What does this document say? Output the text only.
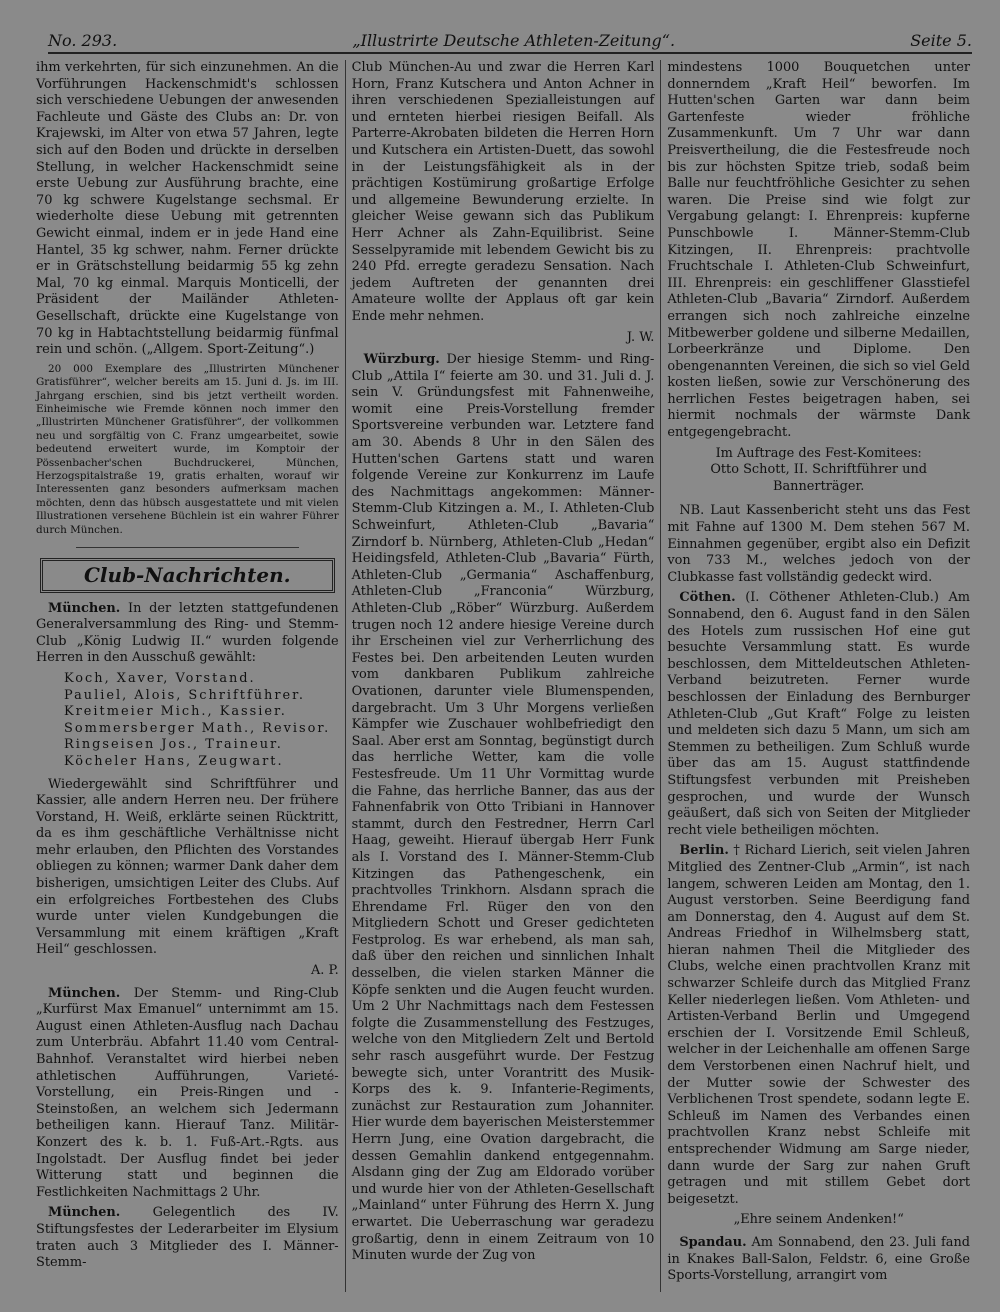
No. 293.	„Illustrirte Deutsche Athleten-Zeitung“.	Seite 5.

ihm verkehrten, für sich einzunehmen. An die Vorführungen Hackenschmidt's schlossen sich verschiedene Uebungen der anwesenden Fachleute und Gäste des Clubs an: Dr. von Krajewski, im Alter von etwa 57 Jahren, legte sich auf den Boden und drückte in derselben Stellung, in welcher Hackenschmidt seine erste Uebung zur Ausführung brachte, eine 70 kg schwere Kugelstange sechsmal. Er wiederholte diese Uebung mit getrennten Gewicht einmal, indem er in jede Hand eine Hantel, 35 kg schwer, nahm. Ferner drückte er in Grätschstellung beidarmig 55 kg zehn Mal, 70 kg einmal. Marquis Monticelli, der Präsident der Mailänder Athleten-Gesellschaft, drückte eine Kugelstange von 70 kg in Habtachtstellung beidarmig fünfmal rein und schön. („Allgem. Sport-Zeitung“.)

20 000 Exemplare des „Illustrirten Münchener Gratisführer“, welcher bereits am 15. Juni d. Js. im III. Jahrgang erschien, sind bis jetzt vertheilt worden. Einheimische wie Fremde können noch immer den „Illustrirten Münchener Gratisführer“, der vollkommen neu und sorgfältig von C. Franz umgearbeitet, sowie bedeutend erweitert wurde, im Komptoir der Pössenbacher'schen Buchdruckerei, München, Herzogspitalstraße 19, gratis erhalten, worauf wir Interessenten ganz besonders aufmerksam machen möchten, denn das hübsch ausgestattete und mit vielen Illustrationen versehene Büchlein ist ein wahrer Führer durch München.

Club-Nachrichten.

München. In der letzten stattgefundenen Generalversammlung des Ring- und Stemm-Club „König Ludwig II.“ wurden folgende Herren in den Ausschuß gewählt:

Koch, Xaver, Vorstand.
Pauliel, Alois, Schriftführer.
Kreitmeier Mich., Kassier.
Sommersberger Math., Revisor.
Ringseisen Jos., Traineur.
Köcheler Hans, Zeugwart.

Wiedergewählt sind Schriftführer und Kassier, alle andern Herren neu. Der frühere Vorstand, H. Weiß, erklärte seinen Rücktritt, da es ihm geschäftliche Verhältnisse nicht mehr erlauben, den Pflichten des Vorstandes obliegen zu können; warmer Dank daher dem bisherigen, umsichtigen Leiter des Clubs. Auf ein erfolgreiches Fortbestehen des Clubs wurde unter vielen Kundgebungen die Versammlung mit einem kräftigen „Kraft Heil“ geschlossen.

A. P.

München. Der Stemm- und Ring-Club „Kurfürst Max Emanuel“ unternimmt am 15. August einen Athleten-Ausflug nach Dachau zum Unterbräu. Abfahrt 11.40 vom Central-Bahnhof. Veranstaltet wird hierbei neben athletischen Aufführungen, Varieté-Vorstellung, ein Preis-Ringen und -Steinstoßen, an welchem sich Jedermann betheiligen kann. Hierauf Tanz. Militär-Konzert des k. b. 1. Fuß-Art.-Rgts. aus Ingolstadt. Der Ausflug findet bei jeder Witterung statt und beginnen die Festlichkeiten Nachmittags 2 Uhr.

München. Gelegentlich des IV. Stiftungsfestes der Lederarbeiter im Elysium traten auch 3 Mitglieder des I. Männer-Stemm-

Club München-Au und zwar die Herren Karl Horn, Franz Kutschera und Anton Achner in ihren verschiedenen Spezialleistungen auf und ernteten hierbei riesigen Beifall. Als Parterre-Akrobaten bildeten die Herren Horn und Kutschera ein Artisten-Duett, das sowohl in der Leistungsfähigkeit als in der prächtigen Kostümirung großartige Erfolge und allgemeine Bewunderung erzielte. In gleicher Weise gewann sich das Publikum Herr Achner als Zahn-Equilibrist. Seine Sesselpyramide mit lebendem Gewicht bis zu 240 Pfd. erregte geradezu Sensation. Nach jedem Auftreten der genannten drei Amateure wollte der Applaus oft gar kein Ende mehr nehmen.

J. W.

Würzburg. Der hiesige Stemm- und Ring-Club „Attila I“ feierte am 30. und 31. Juli d. J. sein V. Gründungsfest mit Fahnenweihe, womit eine Preis-Vorstellung fremder Sportsvereine verbunden war. Letztere fand am 30. Abends 8 Uhr in den Sälen des Hutten'schen Gartens statt und waren folgende Vereine zur Konkurrenz im Laufe des Nachmittags angekommen: Männer-Stemm-Club Kitzingen a. M., I. Athleten-Club Schweinfurt, Athleten-Club „Bavaria“ Zirndorf b. Nürnberg, Athleten-Club „Hedan“ Heidingsfeld, Athleten-Club „Bavaria“ Fürth, Athleten-Club „Germania“ Aschaffenburg, Athleten-Club „Franconia“ Würzburg, Athleten-Club „Röber“ Würzburg. Außerdem trugen noch 12 andere hiesige Vereine durch ihr Erscheinen viel zur Verherrlichung des Festes bei. Den arbeitenden Leuten wurden vom dankbaren Publikum zahlreiche Ovationen, darunter viele Blumenspenden, dargebracht. Um 3 Uhr Morgens verließen Kämpfer wie Zuschauer wohlbefriedigt den Saal. Aber erst am Sonntag, begünstigt durch das herrliche Wetter, kam die volle Festesfreude. Um 11 Uhr Vormittag wurde die Fahne, das herrliche Banner, das aus der Fahnenfabrik von Otto Tribiani in Hannover stammt, durch den Festredner, Herrn Carl Haag, geweiht. Hierauf übergab Herr Funk als I. Vorstand des I. Männer-Stemm-Club Kitzingen das Pathengeschenk, ein prachtvolles Trinkhorn. Alsdann sprach die Ehrendame Frl. Rüger den von den Mitgliedern Schott und Greser gedichteten Festprolog. Es war erhebend, als man sah, daß über den reichen und sinnlichen Inhalt desselben, die vielen starken Männer die Köpfe senkten und die Augen feucht wurden. Um 2 Uhr Nachmittags nach dem Festessen folgte die Zusammenstellung des Festzuges, welche von den Mitgliedern Zelt und Bertold sehr rasch ausgeführt wurde. Der Festzug bewegte sich, unter Vorantritt des Musik-Korps des k. 9. Infanterie-Regiments, zunächst zur Restauration zum Johanniter. Hier wurde dem bayerischen Meisterstemmer Herrn Jung, eine Ovation dargebracht, die dessen Gemahlin dankend entgegennahm. Alsdann ging der Zug am Eldorado vorüber und wurde hier von der Athleten-Gesellschaft „Mainland“ unter Führung des Herrn X. Jung erwartet. Die Ueberraschung war geradezu großartig, denn in einem Zeitraum von 10 Minuten wurde der Zug von

mindestens 1000 Bouquetchen unter donnerndem „Kraft Heil“ beworfen. Im Hutten'schen Garten war dann beim Gartenfeste wieder fröhliche Zusammenkunft. Um 7 Uhr war dann Preisvertheilung, die die Festesfreude noch bis zur höchsten Spitze trieb, sodaß beim Balle nur feuchtfröhliche Gesichter zu sehen waren. Die Preise sind wie folgt zur Vergabung gelangt: I. Ehrenpreis: kupferne Punschbowle I. Männer-Stemm-Club Kitzingen, II. Ehrenpreis: prachtvolle Fruchtschale I. Athleten-Club Schweinfurt, III. Ehrenpreis: ein geschliffener Glasstiefel Athleten-Club „Bavaria“ Zirndorf. Außerdem errangen sich noch zahlreiche einzelne Mitbewerber goldene und silberne Medaillen, Lorbeerkränze und Diplome. Den obengenannten Vereinen, die sich so viel Geld kosten ließen, sowie zur Verschönerung des herrlichen Festes beigetragen haben, sei hiermit nochmals der wärmste Dank entgegengebracht.

Im Auftrage des Fest-Komitees:
Otto Schott, II. Schriftführer und Bannerträger.

NB. Laut Kassenbericht steht uns das Fest mit Fahne auf 1300 M. Dem stehen 567 M. Einnahmen gegenüber, ergibt also ein Defizit von 733 M., welches jedoch von der Clubkasse fast vollständig gedeckt wird.

Cöthen. (I. Cöthener Athleten-Club.) Am Sonnabend, den 6. August fand in den Sälen des Hotels zum russischen Hof eine gut besuchte Versammlung statt. Es wurde beschlossen, dem Mitteldeutschen Athleten-Verband beizutreten. Ferner wurde beschlossen der Einladung des Bernburger Athleten-Club „Gut Kraft“ Folge zu leisten und meldeten sich dazu 5 Mann, um sich am Stemmen zu betheiligen. Zum Schluß wurde über das am 15. August stattfindende Stiftungsfest verbunden mit Preisheben gesprochen, und wurde der Wunsch geäußert, daß sich von Seiten der Mitglieder recht viele betheiligen möchten.

Berlin. † Richard Lierich, seit vielen Jahren Mitglied des Zentner-Club „Armin“, ist nach langem, schweren Leiden am Montag, den 1. August verstorben. Seine Beerdigung fand am Donnerstag, den 4. August auf dem St. Andreas Friedhof in Wilhelmsberg statt, hieran nahmen Theil die Mitglieder des Clubs, welche einen prachtvollen Kranz mit schwarzer Schleife durch das Mitglied Franz Keller niederlegen ließen. Vom Athleten- und Artisten-Verband Berlin und Umgegend erschien der I. Vorsitzende Emil Schleuß, welcher in der Leichenhalle am offenen Sarge dem Verstorbenen einen Nachruf hielt, und der Mutter sowie der Schwester des Verblichenen Trost spendete, sodann legte E. Schleuß im Namen des Verbandes einen prachtvollen Kranz nebst Schleife mit entsprechender Widmung am Sarge nieder, dann wurde der Sarg zur nahen Gruft getragen und mit stillem Gebet dort beigesetzt.

„Ehre seinem Andenken!“

Spandau. Am Sonnabend, den 23. Juli fand in Knakes Ball-Salon, Feldstr. 6, eine Große Sports-Vorstellung, arrangirt vom
